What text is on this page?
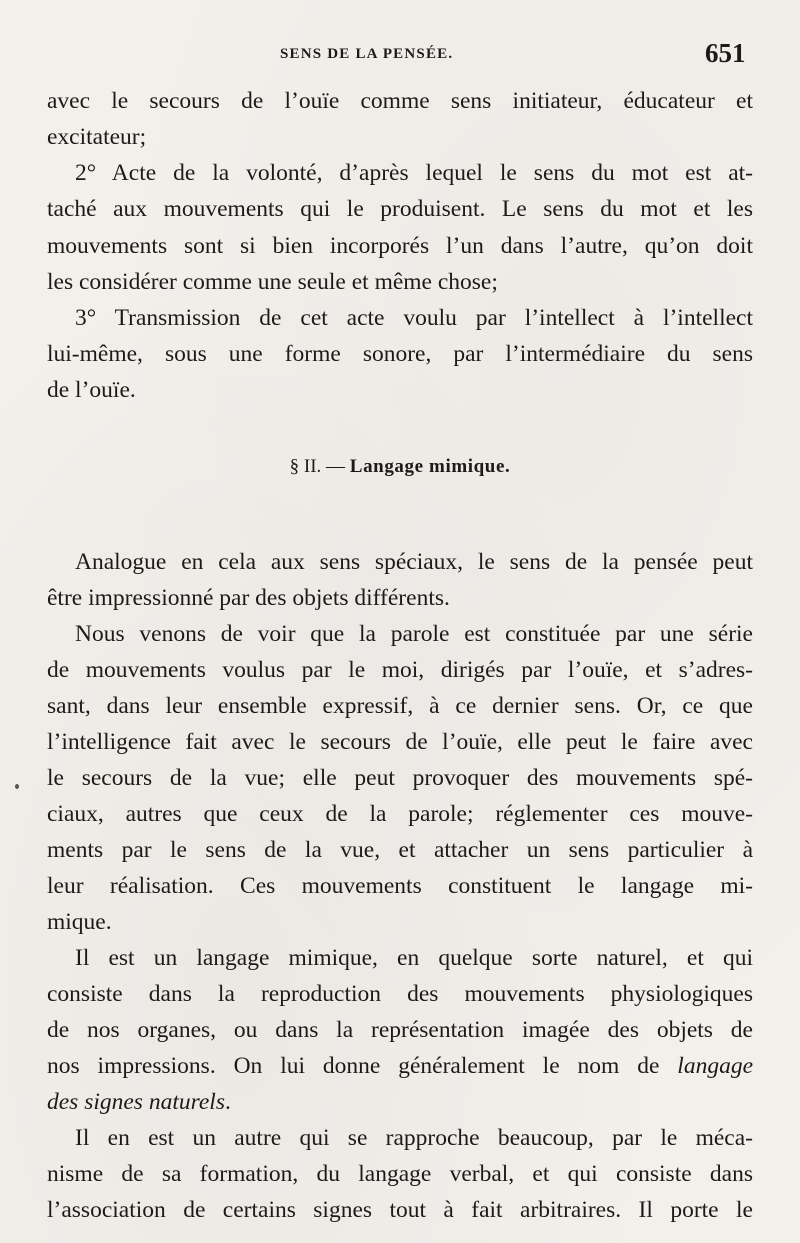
SENS DE LA PENSÉE.	651
avec le secours de l’ouïe comme sens initiateur, éducateur et
excitateur;
2° Acte de la volonté, d’après lequel le sens du mot est at-
taché aux mouvements qui le produisent. Le sens du mot et les
mouvements sont si bien incorporés l’un dans l’autre, qu’on doit
les considérer comme une seule et même chose;
3° Transmission de cet acte voulu par l’intellect à l’intellect
lui-même, sous une forme sonore, par l’intermédiaire du sens
de l’ouïe.
§ II. — Langage mimique.
Analogue en cela aux sens spéciaux, le sens de la pensée peut
être impressionné par des objets différents.
Nous venons de voir que la parole est constituée par une série
de mouvements voulus par le moi, dirigés par l’ouïe, et s’adres-
sant, dans leur ensemble expressif, à ce dernier sens. Or, ce que
l’intelligence fait avec le secours de l’ouïe, elle peut le faire avec
le secours de la vue; elle peut provoquer des mouvements spé-
ciaux, autres que ceux de la parole; réglementer ces mouve-
ments par le sens de la vue, et attacher un sens particulier à
leur réalisation. Ces mouvements constituent le langage mi-
mique.
Il est un langage mimique, en quelque sorte naturel, et qui
consiste dans la reproduction des mouvements physiologiques
de nos organes, ou dans la représentation imagée des objets de
nos impressions. On lui donne généralement le nom de langage
des signes naturels.
Il en est un autre qui se rapproche beaucoup, par le méca-
nisme de sa formation, du langage verbal, et qui consiste dans
l’association de certains signes tout à fait arbitraires. Il porte le
